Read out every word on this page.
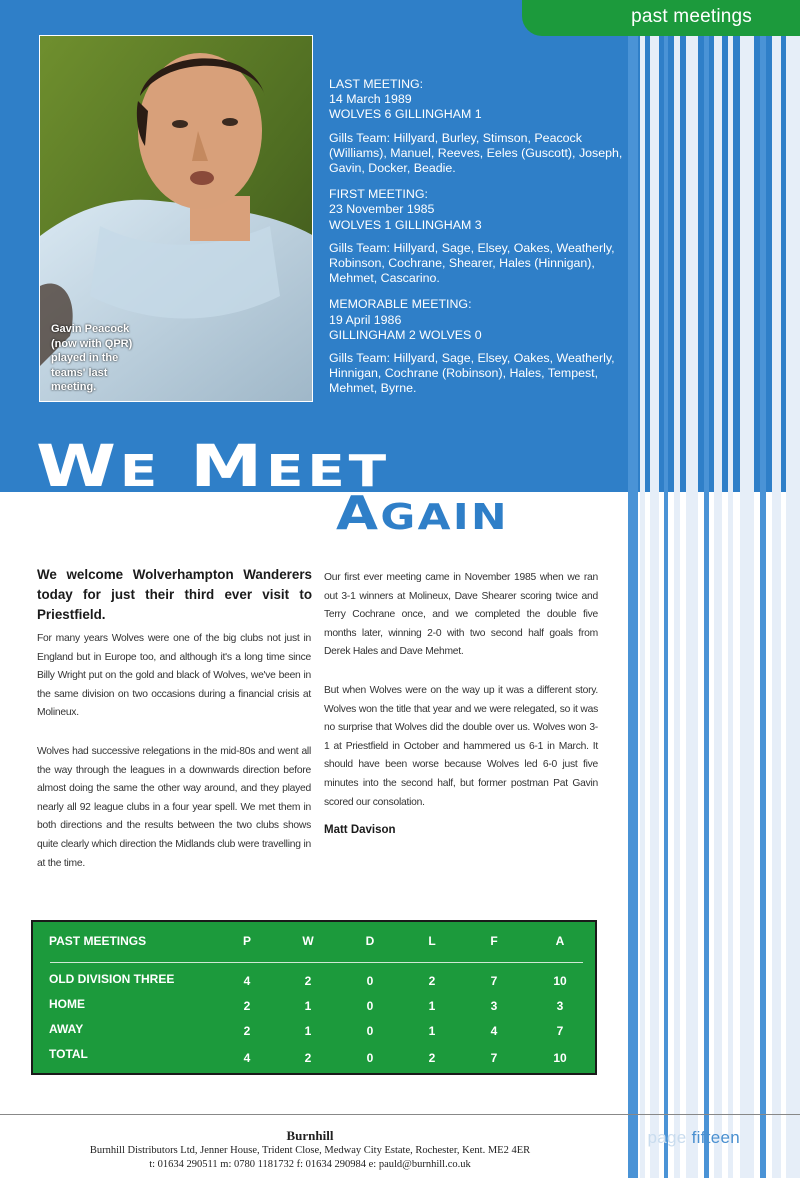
past meetings
Gavin Peacock (now with QPR) played in the teams' last meeting.
LAST MEETING:
14 March 1989
WOLVES 6 GILLINGHAM 1
Gills Team: Hillyard, Burley, Stimson, Peacock (Williams), Manuel, Reeves, Eeles (Guscott), Joseph, Gavin, Docker, Beadie.
FIRST MEETING:
23 November 1985
WOLVES 1 GILLINGHAM 3
Gills Team: Hillyard, Sage, Elsey, Oakes, Weatherly, Robinson, Cochrane, Shearer, Hales (Hinnigan), Mehmet, Cascarino.
MEMORABLE MEETING:
19 April 1986
GILLINGHAM 2 WOLVES 0
Gills Team: Hillyard, Sage, Elsey, Oakes, Weatherly, Hinnigan, Cochrane (Robinson), Hales, Tempest, Mehmet, Byrne.
WE MEET
AGAIN
We welcome Wolverhampton Wanderers today for just their third ever visit to Priestfield.

For many years Wolves were one of the big clubs not just in England but in Europe too, and although it's a long time since Billy Wright put on the gold and black of Wolves, we've been in the same division on two occasions during a financial crisis at Molineux.

Wolves had successive relegations in the mid-80s and went all the way through the leagues in a downwards direction before almost doing the same the other way around, and they played nearly all 92 league clubs in a four year spell. We met them in both directions and the results between the two clubs shows quite clearly which direction the Midlands club were travelling in at the time.

Our first ever meeting came in November 1985 when we ran out 3-1 winners at Molineux, Dave Shearer scoring twice and Terry Cochrane once, and we completed the double five months later, winning 2-0 with two second half goals from Derek Hales and Dave Mehmet.

But when Wolves were on the way up it was a different story. Wolves won the title that year and we were relegated, so it was no surprise that Wolves did the double over us. Wolves won 3-1 at Priestfield in October and hammered us 6-1 in March. It should have been worse because Wolves led 6-0 just five minutes into the second half, but former postman Pat Gavin scored our consolation.

Matt Davison
PAST MEETINGS	P	W	D	L	F	A
OLD DIVISION THREE	4	2	0	2	7	10
HOME	2	1	0	1	3	3
AWAY	2	1	0	1	4	7
TOTAL	4	2	0	2	7	10
Burnhill
Burnhill Distributors Ltd, Jenner House, Trident Close, Medway City Estate, Rochester, Kent. ME2 4ER
t: 01634 290511 m: 0780 1181732 f: 01634 290984 e: pauld@burnhill.co.uk
page fifteen
